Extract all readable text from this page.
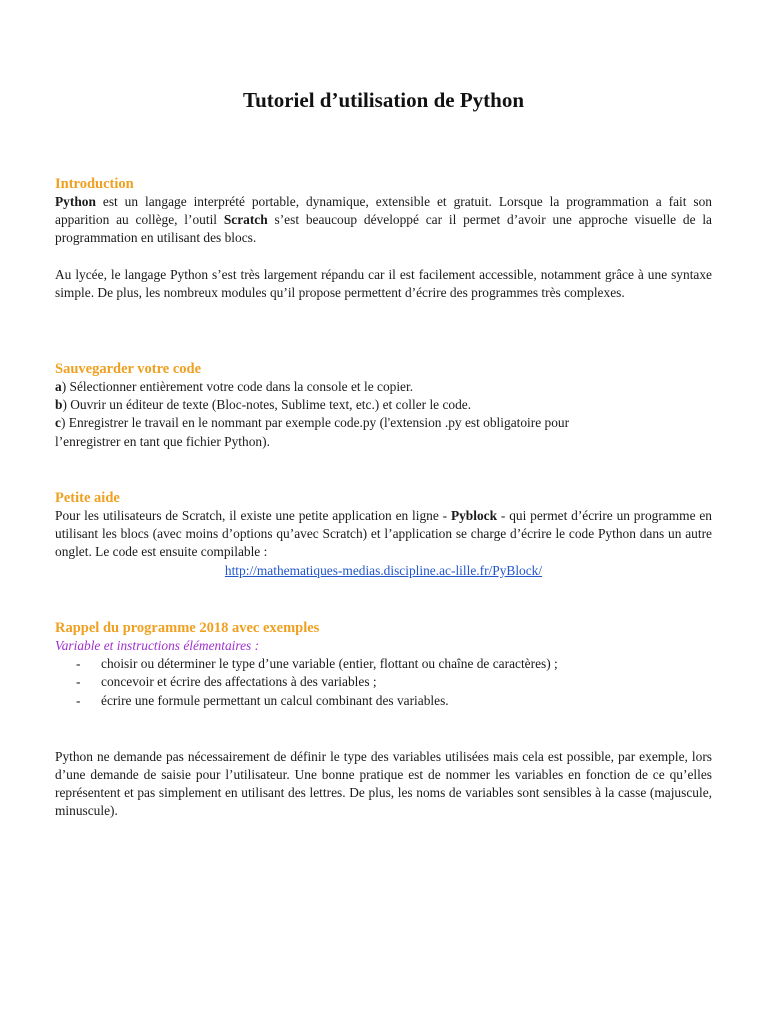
Tutoriel d’utilisation de Python

Introduction

Python est un langage interprété portable, dynamique, extensible et gratuit. Lorsque la programmation a fait son apparition au collège, l’outil Scratch s’est beaucoup développé car il permet d’avoir une approche visuelle de la programmation en utilisant des blocs.

Au lycée, le langage Python s’est très largement répandu car il est facilement accessible, notamment grâce à une syntaxe simple. De plus, les nombreux modules qu’il propose permettent d’écrire des programmes très complexes.

Sauvegarder votre code

a) Sélectionner entièrement votre code dans la console et le copier.

b) Ouvrir un éditeur de texte (Bloc-notes, Sublime text, etc.) et coller le code.

c) Enregistrer le travail en le nommant par exemple code.py (l'extension .py est obligatoire pour

l’enregistrer en tant que fichier Python).

Petite aide

Pour les utilisateurs de Scratch, il existe une petite application en ligne - Pyblock - qui permet d’écrire un programme en utilisant les blocs (avec moins d’options qu’avec Scratch) et l’application se charge d’écrire le code Python dans un autre onglet. Le code est ensuite compilable :

http://mathematiques-medias.discipline.ac-lille.fr/PyBlock/

Rappel du programme 2018 avec exemples

Variable et instructions élémentaires :

- choisir ou déterminer le type d’une variable (entier, flottant ou chaîne de caractères) ;
- concevoir et écrire des affectations à des variables ;
- écrire une formule permettant un calcul combinant des variables.

Python ne demande pas nécessairement de définir le type des variables utilisées mais cela est possible, par exemple, lors d’une demande de saisie pour l’utilisateur. Une bonne pratique est de nommer les variables en fonction de ce qu’elles représentent et pas simplement en utilisant des lettres. De plus, les noms de variables sont sensibles à la casse (majuscule, minuscule).
